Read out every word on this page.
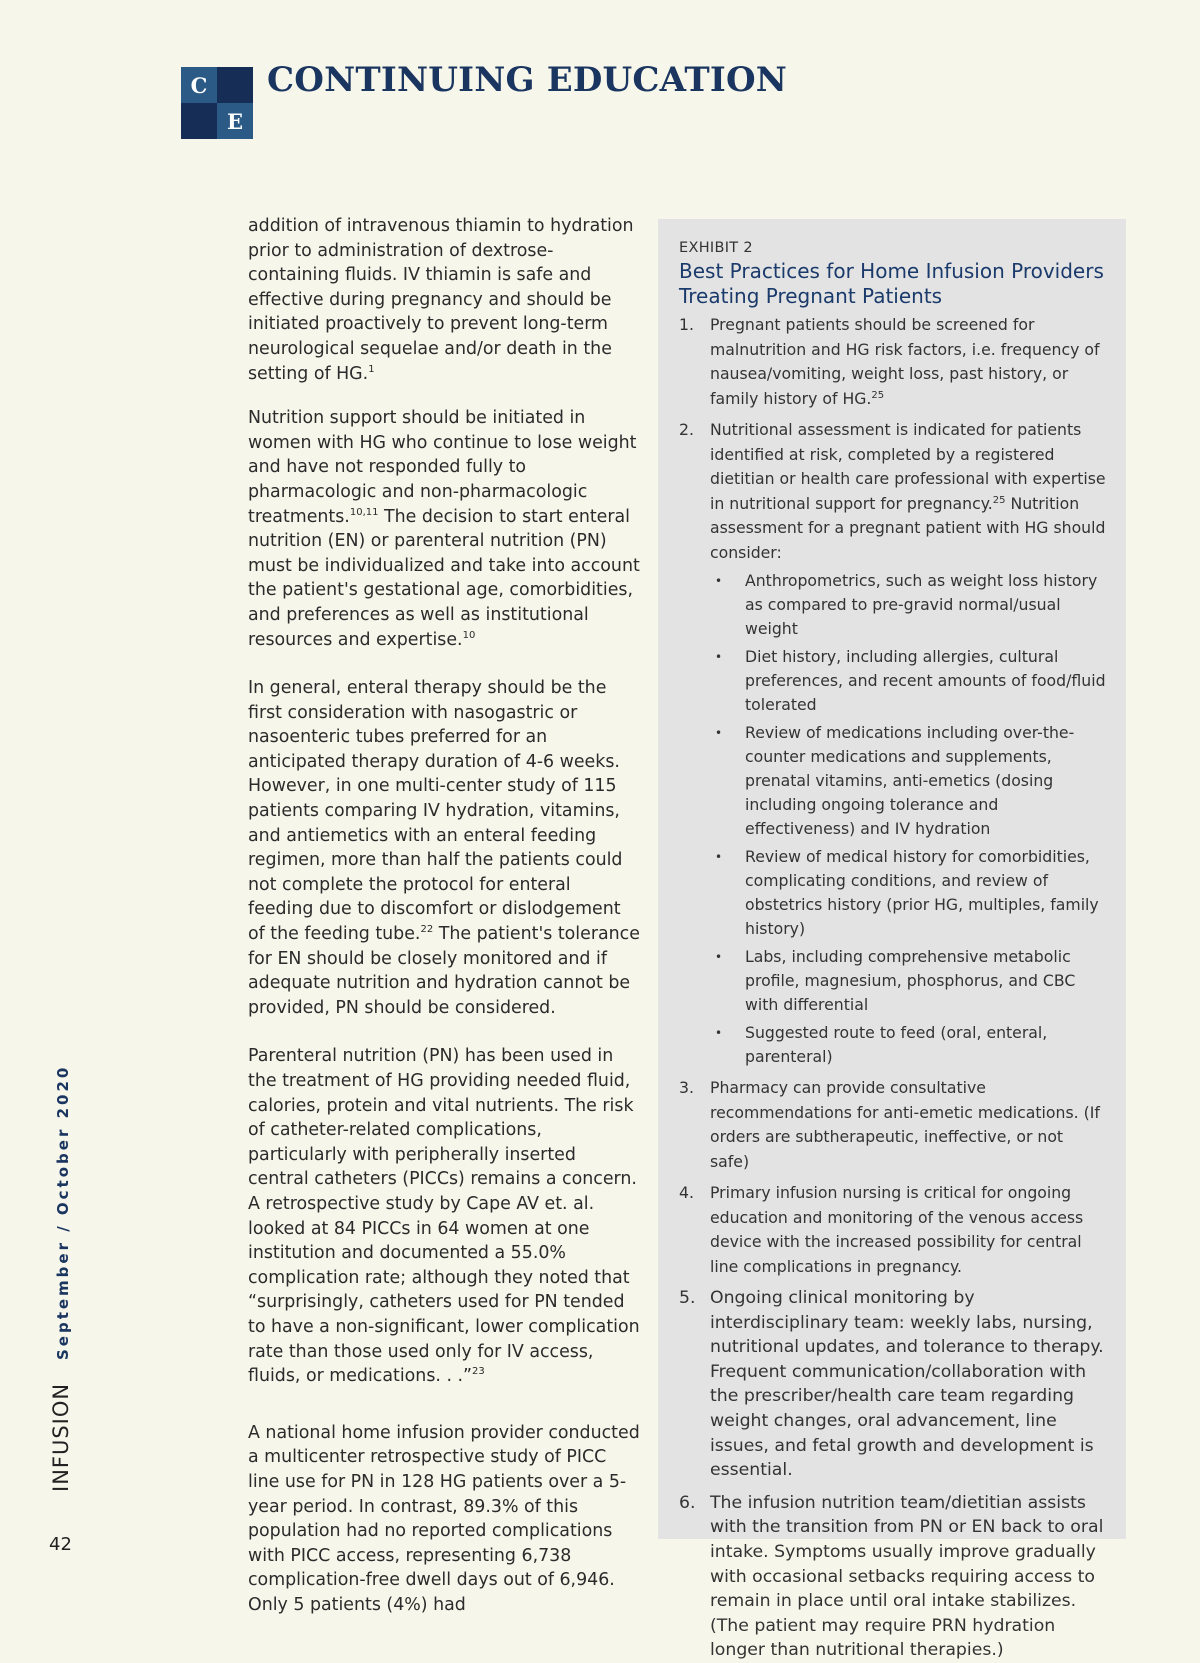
C
E
CONTINUING EDUCATION

addition of intravenous thiamin to hydration prior to administration of dextrose-containing fluids. IV thiamin is safe and effective during pregnancy and should be initiated proactively to prevent long-term neurological sequelae and/or death in the setting of HG.$^1$

Nutrition support should be initiated in women with HG who continue to lose weight and have not responded fully to pharmacologic and non-pharmacologic treatments.$^{10,11}$ The decision to start enteral nutrition (EN) or parenteral nutrition (PN) must be individualized and take into account the patient's gestational age, comorbidities, and preferences as well as institutional resources and expertise.$^{10}$

In general, enteral therapy should be the first consideration with nasogastric or nasoenteric tubes preferred for an anticipated therapy duration of 4-6 weeks. However, in one multi-center study of 115 patients comparing IV hydration, vitamins, and antiemetics with an enteral feeding regimen, more than half the patients could not complete the protocol for enteral feeding due to discomfort or dislodgement of the feeding tube.$^{22}$ The patient's tolerance for EN should be closely monitored and if adequate nutrition and hydration cannot be provided, PN should be considered.

Parenteral nutrition (PN) has been used in the treatment of HG providing needed fluid, calories, protein and vital nutrients. The risk of catheter-related complications, particularly with peripherally inserted central catheters (PICCs) remains a concern. A retrospective study by Cape AV et. al. looked at 84 PICCs in 64 women at one institution and documented a 55.0% complication rate; although they noted that “surprisingly, catheters used for PN tended to have a non-significant, lower complication rate than those used only for IV access, fluids, or medications. . .”$^{23}$

A national home infusion provider conducted a multicenter retrospective study of PICC line use for PN in 128 HG patients over a 5-year period. In contrast, 89.3% of this population had no reported complications with PICC access, representing 6,738 complication-free dwell days out of 6,946. Only 5 patients (4%) had

EXHIBIT 2
Best Practices for Home Infusion Providers Treating Pregnant Patients
1. Pregnant patients should be screened for malnutrition and HG risk factors, i.e. frequency of nausea/vomiting, weight loss, past history, or family history of HG.$^{25}$
2. Nutritional assessment is indicated for patients identified at risk, completed by a registered dietitian or health care professional with expertise in nutritional support for pregnancy.$^{25}$ Nutrition assessment for a pregnant patient with HG should consider:
• Anthropometrics, such as weight loss history as compared to pre-gravid normal/usual weight
• Diet history, including allergies, cultural preferences, and recent amounts of food/fluid tolerated
• Review of medications including over-the-counter medications and supplements, prenatal vitamins, anti-emetics (dosing including ongoing tolerance and effectiveness) and IV hydration
• Review of medical history for comorbidities, complicating conditions, and review of obstetrics history (prior HG, multiples, family history)
• Labs, including comprehensive metabolic profile, magnesium, phosphorus, and CBC with differential
• Suggested route to feed (oral, enteral, parenteral)
3. Pharmacy can provide consultative recommendations for anti-emetic medications. (If orders are subtherapeutic, ineffective, or not safe)
4. Primary infusion nursing is critical for ongoing education and monitoring of the venous access device with the increased possibility for central line complications in pregnancy.
5. Ongoing clinical monitoring by interdisciplinary team: weekly labs, nursing, nutritional updates, and tolerance to therapy. Frequent communication/collaboration with the prescriber/health care team regarding weight changes, oral advancement, line issues, and fetal growth and development is essential.
6. The infusion nutrition team/dietitian assists with the transition from PN or EN back to oral intake. Symptoms usually improve gradually with occasional setbacks requiring access to remain in place until oral intake stabilizes. (The patient may require PRN hydration longer than nutritional therapies.)
September / October 2020
INFUSION
42
